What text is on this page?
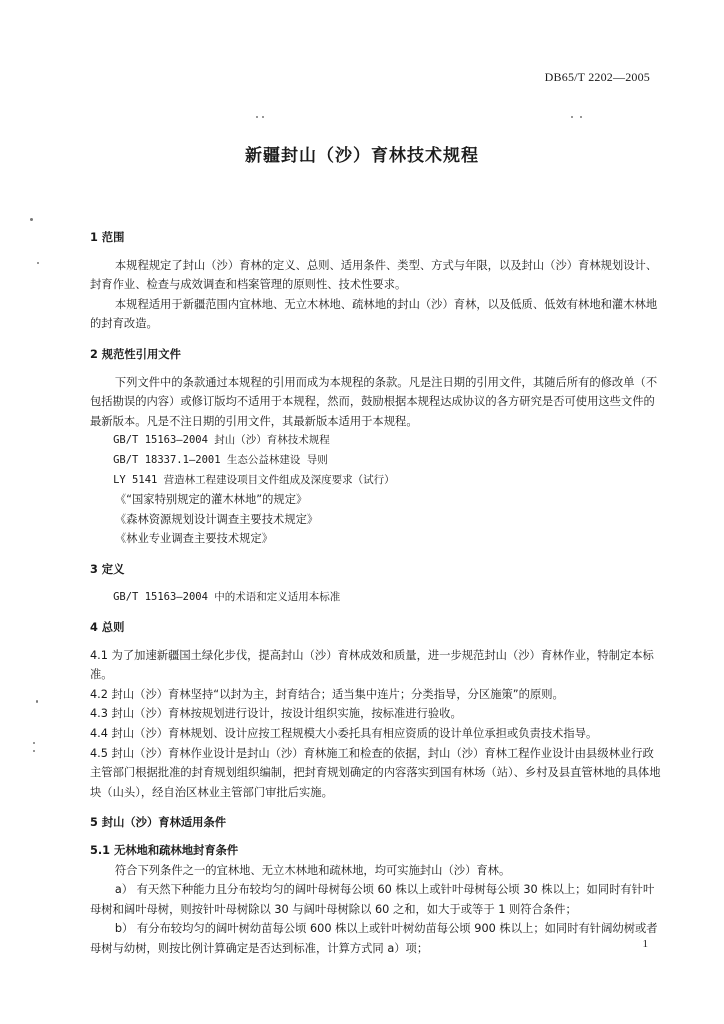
DB65/T 2202—2005
新疆封山（沙）育林技术规程

1 范围

本规程规定了封山（沙）育林的定义、总则、适用条件、类型、方式与年限，以及封山（沙）育林规划设计、封育作业、检查与成效调查和档案管理的原则性、技术性要求。

本规程适用于新疆范围内宜林地、无立木林地、疏林地的封山（沙）育林，以及低质、低效有林地和灌木林地的封育改造。

2 规范性引用文件

下列文件中的条款通过本规程的引用而成为本规程的条款。凡是注日期的引用文件，其随后所有的修改单（不包括勘误的内容）或修订版均不适用于本规程，然而，鼓励根据本规程达成协议的各方研究是否可使用这些文件的最新版本。凡是不注日期的引用文件，其最新版本适用于本规程。

GB/T 15163—2004 封山（沙）育林技术规程

GB/T 18337.1—2001 生态公益林建设 导则

LY 5141 营造林工程建设项目文件组成及深度要求（试行）

《“国家特别规定的灌木林地”的规定》

《森林资源规划设计调查主要技术规定》

《林业专业调查主要技术规定》

3 定义

GB/T 15163—2004 中的术语和定义适用本标准

4 总则

4.1 为了加速新疆国土绿化步伐，提高封山（沙）育林成效和质量，进一步规范封山（沙）育林作业，特制定本标准。

4.2 封山（沙）育林坚持“以封为主，封育结合；适当集中连片；分类指导，分区施策”的原则。

4.3 封山（沙）育林按规划进行设计，按设计组织实施，按标准进行验收。

4.4 封山（沙）育林规划、设计应按工程规模大小委托具有相应资质的设计单位承担或负责技术指导。

4.5 封山（沙）育林作业设计是封山（沙）育林施工和检查的依据，封山（沙）育林工程作业设计由县级林业行政主管部门根据批准的封育规划组织编制，把封育规划确定的内容落实到国有林场（站）、乡村及县直管林地的具体地块（山头），经自治区林业主管部门审批后实施。

5 封山（沙）育林适用条件

5.1 无林地和疏林地封育条件

符合下列条件之一的宜林地、无立木林地和疏林地，均可实施封山（沙）育林。

a） 有天然下种能力且分布较均匀的阔叶母树每公顷 60 株以上或针叶母树每公顷 30 株以上；如同时有针叶母树和阔叶母树，则按针叶母树除以 30 与阔叶母树除以 60 之和，如大于或等于 1 则符合条件；

b） 有分布较均匀的阔叶树幼苗每公顷 600 株以上或针叶树幼苗每公顷 900 株以上；如同时有针阔幼树或者母树与幼树，则按比例计算确定是否达到标准，计算方式同 a）项；	1
